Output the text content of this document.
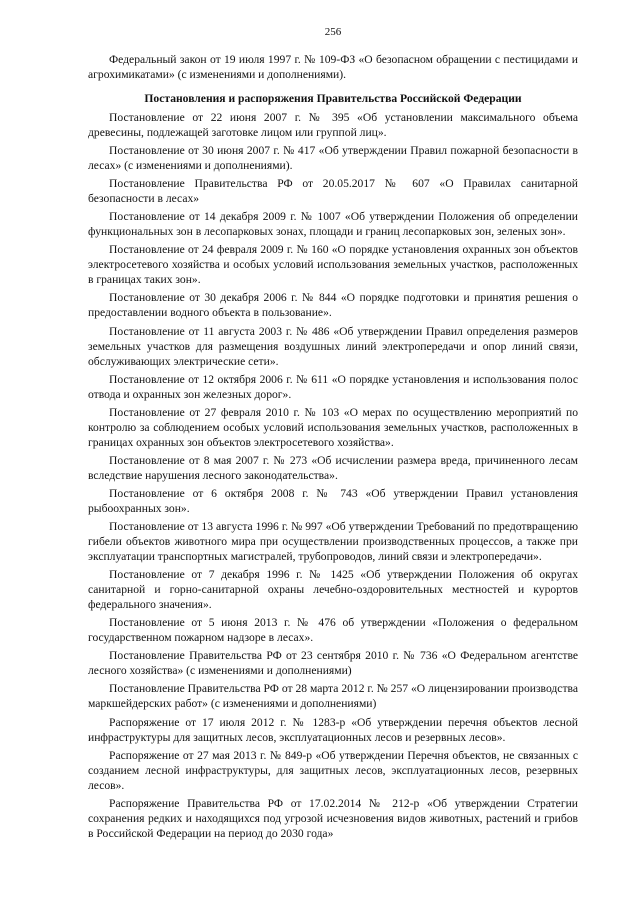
256

Федеральный закон от 19 июля 1997 г. № 109-ФЗ «О безопасном обращении с пестицидами и агрохимикатами» (с изменениями и дополнениями).

Постановления и распоряжения Правительства Российской Федерации

Постановление от 22 июня 2007 г. № 395 «Об установлении максимального объема древесины, подлежащей заготовке лицом или группой лиц».

Постановление от 30 июня 2007 г. № 417 «Об утверждении Правил пожарной безопасности в лесах» (с изменениями и дополнениями).

Постановление Правительства РФ от 20.05.2017 № 607 «О Правилах санитарной безопасности в лесах»

Постановление от 14 декабря 2009 г. № 1007 «Об утверждении Положения об определении функциональных зон в лесопарковых зонах, площади и границ лесопарковых зон, зеленых зон».

Постановление от 24 февраля 2009 г. № 160 «О порядке установления охранных зон объектов электросетевого хозяйства и особых условий использования земельных участков, расположенных в границах таких зон».

Постановление от 30 декабря 2006 г. № 844 «О порядке подготовки и принятия решения о предоставлении водного объекта в пользование».

Постановление от 11 августа 2003 г. № 486 «Об утверждении Правил определения размеров земельных участков для размещения воздушных линий электропередачи и опор линий связи, обслуживающих электрические сети».

Постановление от 12 октября 2006 г. № 611 «О порядке установления и использования полос отвода и охранных зон железных дорог».

Постановление от 27 февраля 2010 г. № 103 «О мерах по осуществлению мероприятий по контролю за соблюдением особых условий использования земельных участков, расположенных в границах охранных зон объектов электросетевого хозяйства».

Постановление от 8 мая 2007 г. № 273 «Об исчислении размера вреда, причиненного лесам вследствие нарушения лесного законодательства».

Постановление от 6 октября 2008 г. № 743 «Об утверждении Правил установления рыбоохранных зон».

Постановление от 13 августа 1996 г. № 997 «Об утверждении Требований по предотвращению гибели объектов животного мира при осуществлении производственных процессов, а также при эксплуатации транспортных магистралей, трубопроводов, линий связи и электропередачи».

Постановление от 7 декабря 1996 г. № 1425 «Об утверждении Положения об округах санитарной и горно-санитарной охраны лечебно-оздоровительных местностей и курортов федерального значения».

Постановление от 5 июня 2013 г. № 476 об утверждении «Положения о федеральном государственном пожарном надзоре в лесах».

Постановление Правительства РФ от 23 сентября 2010 г. № 736 «О Федеральном агентстве лесного хозяйства» (с изменениями и дополнениями)

Постановление Правительства РФ от 28 марта 2012 г. № 257 «О лицензировании производства маркшейдерских работ» (с изменениями и дополнениями)

Распоряжение от 17 июля 2012 г. № 1283-р «Об утверждении перечня объектов лесной инфраструктуры для защитных лесов, эксплуатационных лесов и резервных лесов».

Распоряжение от 27 мая 2013 г. № 849-р «Об утверждении Перечня объектов, не связанных с созданием лесной инфраструктуры, для защитных лесов, эксплуатационных лесов, резервных лесов».

Распоряжение Правительства РФ от 17.02.2014 № 212-р «Об утверждении Стратегии сохранения редких и находящихся под угрозой исчезновения видов животных, растений и грибов в Российской Федерации на период до 2030 года»
